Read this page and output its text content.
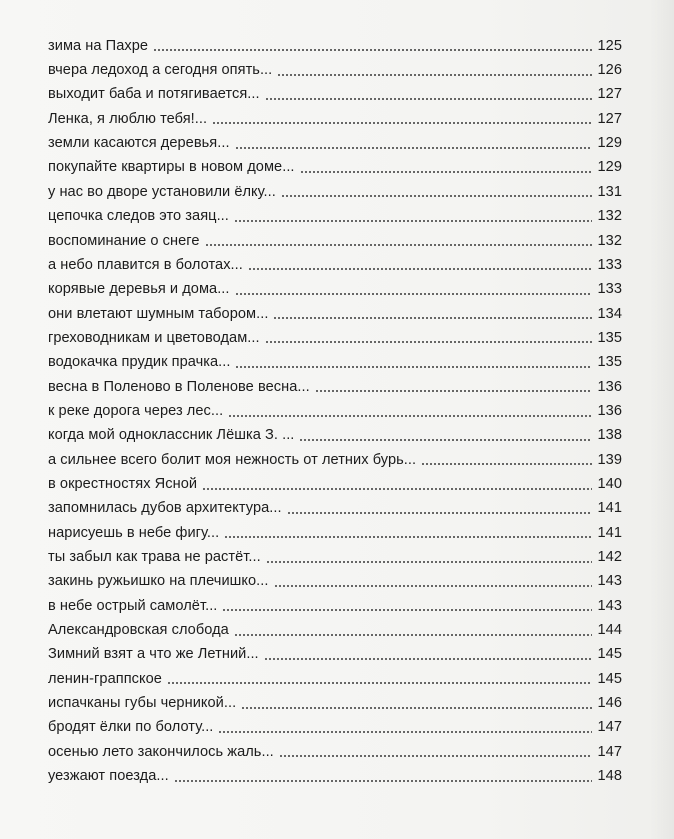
зима на Пахре	125
вчера ледоход а сегодня опять...	126
выходит баба и потягивается...	127
Ленка, я люблю тебя!...	127
земли касаются деревья...	129
покупайте квартиры в новом доме...	129
у нас во дворе установили ёлку...	131
цепочка следов это заяц...	132
воспоминание о снеге	132
а небо плавится в болотах...	133
корявые деревья и дома...	133
они влетают шумным табором...	134
греховодникам и цветоводам...	135
водокачка прудик прачка...	135
весна в Поленово в Поленове весна...	136
к реке дорога через лес...	136
когда мой одноклассник Лёшка З. ...	138
а сильнее всего болит моя нежность от летних бурь...	139
в окрестностях Ясной	140
запомнилась дубов архитектура...	141
нарисуешь в небе фигу...	141
ты забыл как трава не растёт...	142
закинь ружьишко на плечишко...	143
в небе острый самолёт...	143
Александровская слобода	144
Зимний взят а что же Летний...	145
ленин-граппское	145
испачканы губы черникой...	146
бродят ёлки по болоту...	147
осенью лето закончилось жаль...	147
уезжают поезда...	148
